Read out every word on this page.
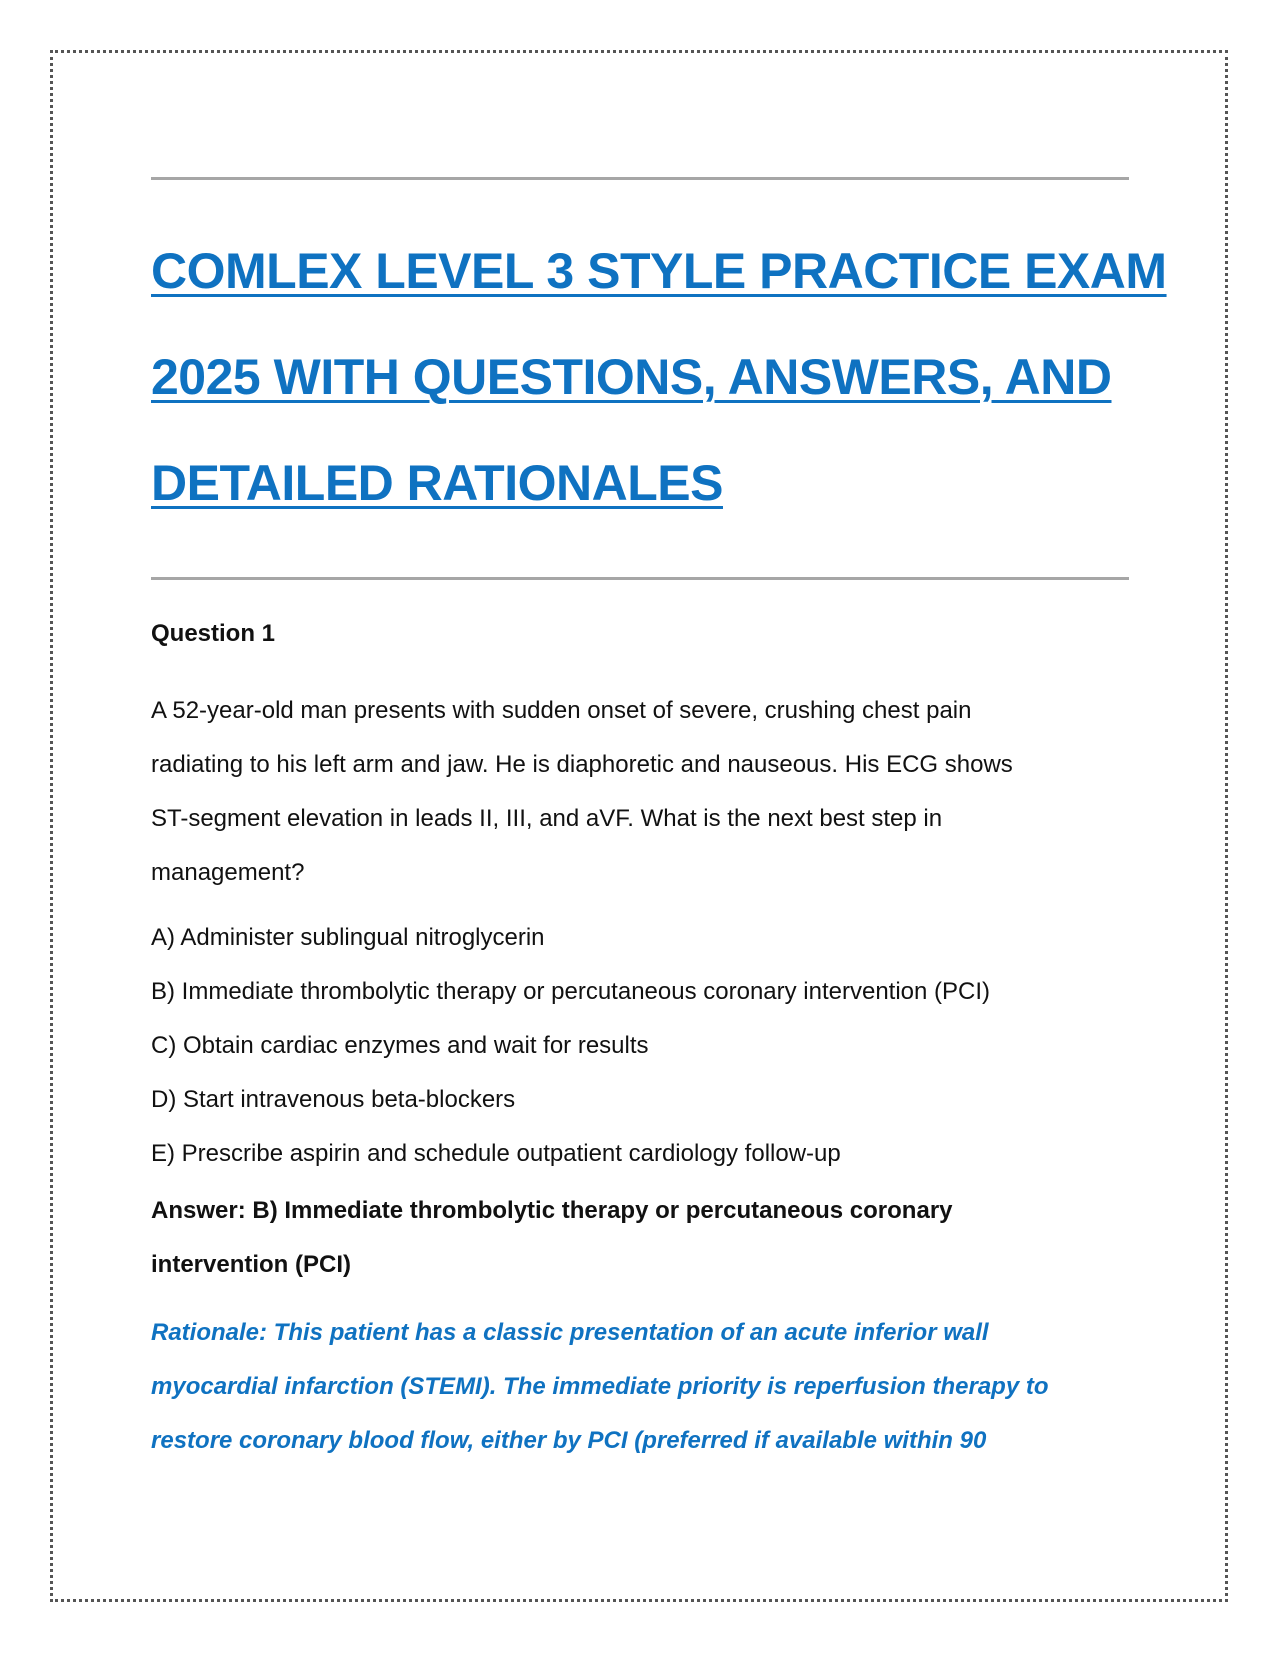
COMLEX LEVEL 3 STYLE PRACTICE EXAM
2025 WITH QUESTIONS, ANSWERS, AND
DETAILED RATIONALES

Question 1

A 52-year-old man presents with sudden onset of severe, crushing chest pain
radiating to his left arm and jaw. He is diaphoretic and nauseous. His ECG shows
ST-segment elevation in leads II, III, and aVF. What is the next best step in
management?

A) Administer sublingual nitroglycerin
B) Immediate thrombolytic therapy or percutaneous coronary intervention (PCI)
C) Obtain cardiac enzymes and wait for results
D) Start intravenous beta-blockers
E) Prescribe aspirin and schedule outpatient cardiology follow-up

Answer: B) Immediate thrombolytic therapy or percutaneous coronary
intervention (PCI)

Rationale: This patient has a classic presentation of an acute inferior wall
myocardial infarction (STEMI). The immediate priority is reperfusion therapy to
restore coronary blood flow, either by PCI (preferred if available within 90
